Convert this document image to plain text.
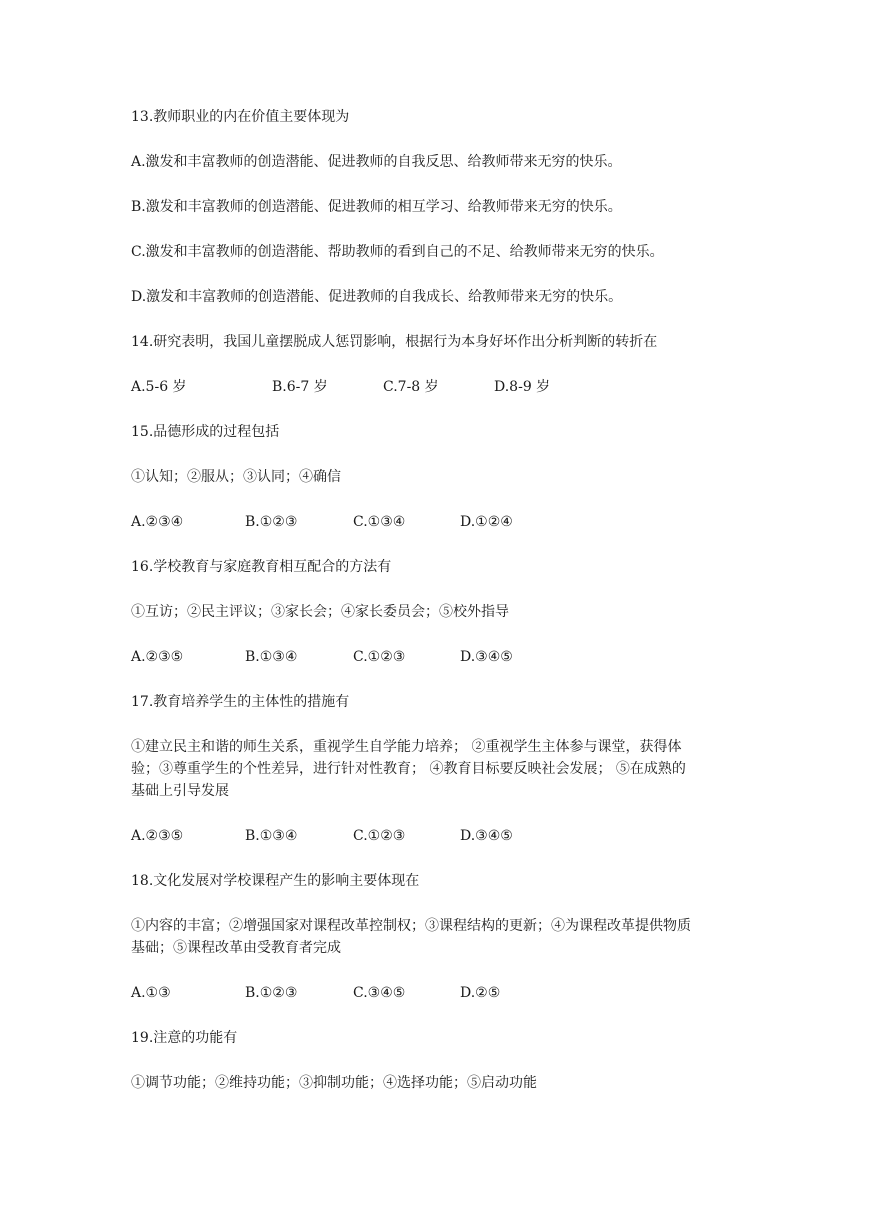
13.教师职业的内在价值主要体现为
A.激发和丰富教师的创造潜能、促进教师的自我反思、给教师带来无穷的快乐。
B.激发和丰富教师的创造潜能、促进教师的相互学习、给教师带来无穷的快乐。
C.激发和丰富教师的创造潜能、帮助教师的看到自己的不足、给教师带来无穷的快乐。
D.激发和丰富教师的创造潜能、促进教师的自我成长、给教师带来无穷的快乐。
14.研究表明，我国儿童摆脱成人惩罚影响，根据行为本身好坏作出分析判断的转折在
A.5-6 岁	B.6-7 岁	C.7-8 岁	D.8-9 岁
15.品德形成的过程包括
①认知；②服从；③认同；④确信
A.②③④	B.①②③	C.①③④	D.①②④
16.学校教育与家庭教育相互配合的方法有
①互访；②民主评议；③家长会；④家长委员会；⑤校外指导
A.②③⑤	B.①③④	C.①②③	D.③④⑤
17.教育培养学生的主体性的措施有
①建立民主和谐的师生关系，重视学生自学能力培养； ②重视学生主体参与课堂，获得体
验；③尊重学生的个性差异，进行针对性教育； ④教育目标要反映社会发展； ⑤在成熟的
基础上引导发展
A.②③⑤	B.①③④	C.①②③	D.③④⑤
18.文化发展对学校课程产生的影响主要体现在
①内容的丰富；②增强国家对课程改革控制权；③课程结构的更新；④为课程改革提供物质
基础；⑤课程改革由受教育者完成
A.①③	B.①②③	C.③④⑤	D.②⑤
19.注意的功能有
①调节功能；②维持功能；③抑制功能；④选择功能；⑤启动功能
